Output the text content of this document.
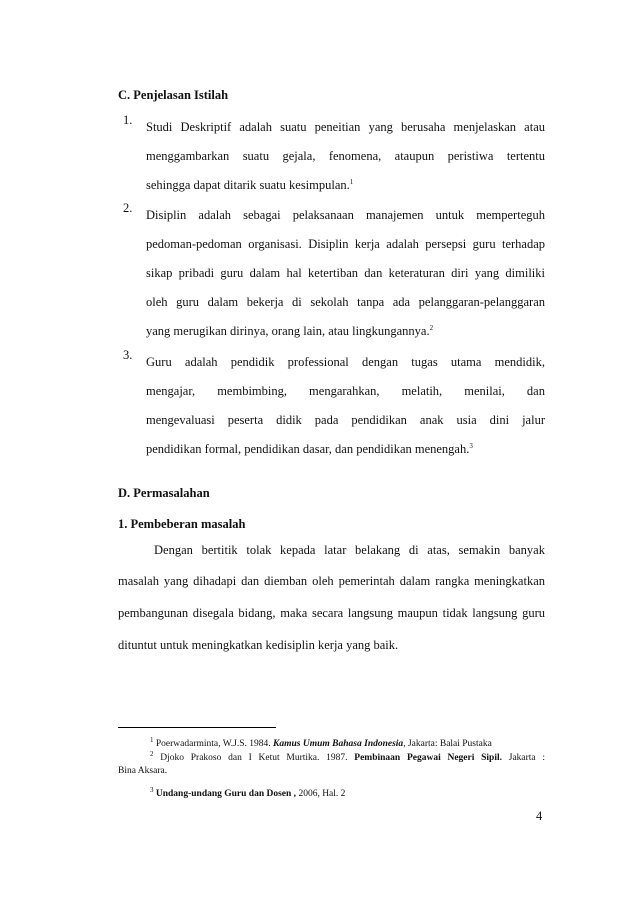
C. Penjelasan Istilah
1. Studi Deskriptif adalah suatu peneitian yang berusaha menjelaskan atau
menggambarkan suatu gejala, fenomena, ataupun peristiwa tertentu
sehingga dapat ditarik suatu kesimpulan.$^1$
2. Disiplin adalah sebagai pelaksanaan manajemen untuk memperteguh
pedoman-pedoman organisasi. Disiplin kerja adalah persepsi guru terhadap
sikap pribadi guru dalam hal ketertiban dan keteraturan diri yang dimiliki
oleh guru dalam bekerja di sekolah tanpa ada pelanggaran-pelanggaran
yang merugikan dirinya, orang lain, atau lingkungannya.$^2$
3. Guru adalah pendidik professional dengan tugas utama mendidik,
mengajar, membimbing, mengarahkan, melatih, menilai, dan
mengevaluasi peserta didik pada pendidikan anak usia dini jalur
pendidikan formal, pendidikan dasar, dan pendidikan menengah.$^3$
D. Permasalahan
1. Pembeberan masalah
Dengan bertitik tolak kepada latar belakang di atas, semakin banyak
masalah yang dihadapi dan diemban oleh pemerintah dalam rangka meningkatkan
pembangunan disegala bidang, maka secara langsung maupun tidak langsung guru
dituntut untuk meningkatkan kedisiplin kerja yang baik.
$^1$ Poerwadarminta, W.J.S. 1984. Kamus Umum Bahasa Indonesia, Jakarta: Balai Pustaka
$^2$ Djoko Prakoso dan I Ketut Murtika. 1987. Pembinaan Pegawai Negeri Sipil. Jakarta :
Bina Aksara.
$^3$ Undang-undang Guru dan Dosen , 2006, Hal. 2
4
